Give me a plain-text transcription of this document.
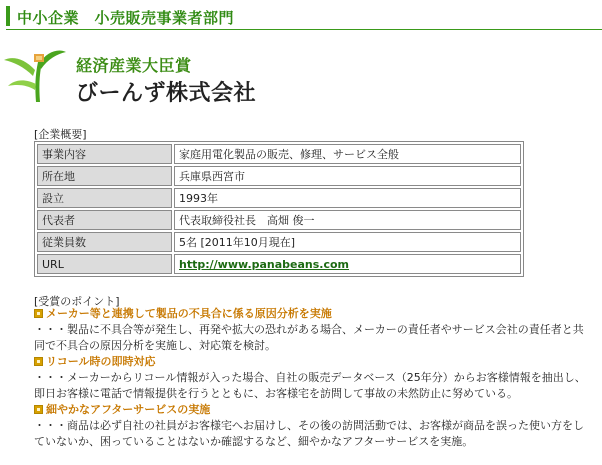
中小企業　小売販売事業者部門
経済産業大臣賞
びーんず株式会社
[企業概要]
事業内容	家庭用電化製品の販売、修理、サービス全般
所在地	兵庫県西宮市
設立	1993年
代表者	代表取締役社長　高畑 俊一
従業員数	5名 [2011年10月現在]
URL	http://www.panabeans.com
[受賞のポイント]
メーカー等と連携して製品の不具合に係る原因分析を実施
・・・製品に不具合等が発生し、再発や拡大の恐れがある場合、メーカーの責任者やサービス会社の責任者と共同で不具合の原因分析を実施し、対応策を検討。
リコール時の即時対応
・・・メーカーからリコール情報が入った場合、自社の販売データベース（25年分）からお客様情報を抽出し、即日お客様に電話で情報提供を行うとともに、お客様宅を訪問して事故の未然防止に努めている。
細やかなアフターサービスの実施
・・・商品は必ず自社の社員がお客様宅へお届けし、その後の訪問活動では、お客様が商品を誤った使い方をしていないか、困っていることはないか確認するなど、細やかなアフターサービスを実施。
